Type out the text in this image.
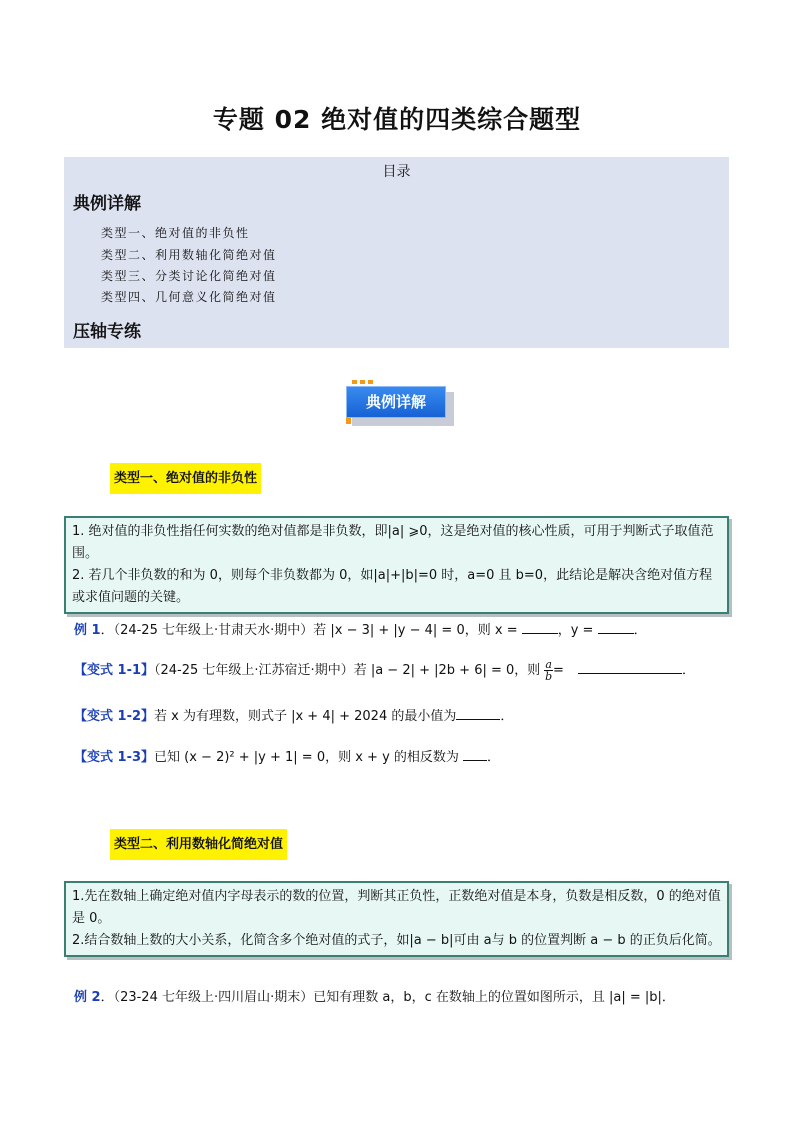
专题 02 绝对值的四类综合题型
目录
典例详解
类型一、绝对值的非负性
类型二、利用数轴化简绝对值
类型三、分类讨论化简绝对值
类型四、几何意义化简绝对值
压轴专练
典例详解
类型一、绝对值的非负性

1. 绝对值的非负性指任何实数的绝对值都是非负数，即|a| ⩾0，这是绝对值的核心性质，可用于判断式子取值范围。

2. 若几个非负数的和为 0，则每个非负数都为 0，如|a|+|b|=0 时，a=0 且 b=0，此结论是解决含绝对值方程或求值问题的关键。

例 1．（24-25 七年级上·甘肃天水·期中）若 |x − 3| + |y − 4| = 0，则 x =	，y =	．
【变式 1-1】（24-25 七年级上·江苏宿迁·期中）若 |a − 2| + |2b + 6| = 0，则 $\frac{a}{b}$ =	．
【变式 1-2】若 x 为有理数，则式子 |x + 4| + 2024 的最小值为	．
【变式 1-3】已知 (x − 2)² + |y + 1| = 0，则 x + y 的相反数为 ．
类型二、利用数轴化简绝对值

1.先在数轴上确定绝对值内字母表示的数的位置，判断其正负性，正数绝对值是本身，负数是相反数，0 的绝对值是 0。

2.结合数轴上数的大小关系，化简含多个绝对值的式子，如|a − b|可由 a与 b 的位置判断 a − b 的正负后化简。

例 2．（23-24 七年级上·四川眉山·期末）已知有理数 a，b，c 在数轴上的位置如图所示，且 |a| = |b|．
